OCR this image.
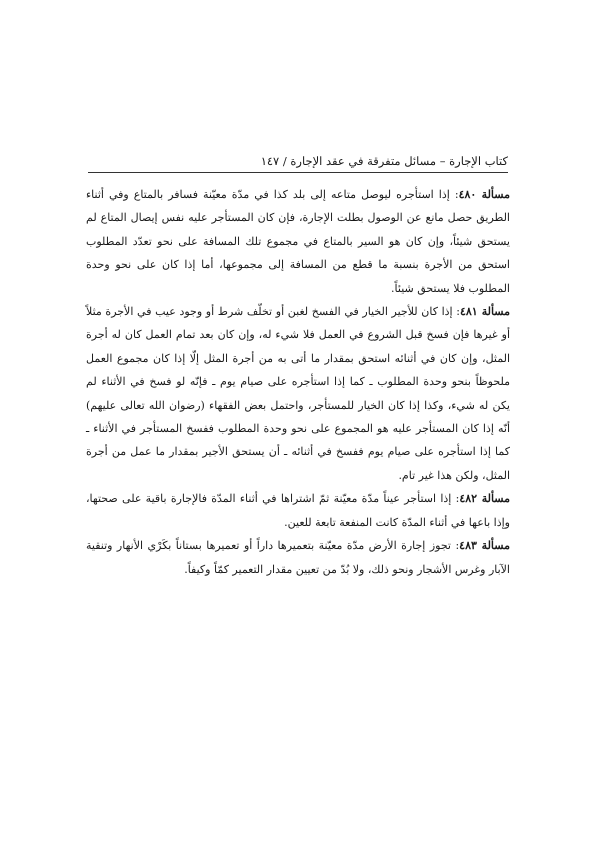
كتاب الإجارة – مسائل متفرقة في عقد الإجارة / ١٤٧

مسألة ٤٨٠: إذا استأجره ليوصل متاعه إلى بلد كذا في مدّة معيّنة فسافر بالمتاع وفي أثناء الطريق حصل مانع عن الوصول بطلت الإجارة، فإن كان المستأجر عليه نفس إيصال المتاع لم يستحق شيئاً، وإن كان هو السير بالمتاع في مجموع تلك المسافة على نحو تعدّد المطلوب استحق من الأجرة بنسبة ما قطع من المسافة إلى مجموعها، أما إذا كان على نحو وحدة المطلوب فلا يستحق شيئاً.

مسألة ٤٨١: إذا كان للأجير الخيار في الفسخ لغبن أو تخلّف شرط أو وجود عيب في الأجرة مثلاً أو غيرها فإن فسخ قبل الشروع في العمل فلا شيء له، وإن كان بعد تمام العمل كان له أجرة المثل، وإن كان في أثنائه استحق بمقدار ما أتى به من أجرة المثل إلّا إذا كان مجموع العمل ملحوظاً بنحو وحدة المطلوب ـ كما إذا استأجره على صيام يوم ـ فإنّه لو فسخ في الأثناء لم يكن له شيء، وكذا إذا كان الخيار للمستأجر، واحتمل بعض الفقهاء (رضوان الله تعالى عليهم) أنّه إذا كان المستأجر عليه هو المجموع على نحو وحدة المطلوب ففسخ المستأجر في الأثناء ـ كما إذا استأجره على صيام يوم ففسخ في أثنائه ـ أن يستحق الأجير بمقدار ما عمل من أجرة المثل، ولكن هذا غير تام.

مسألة ٤٨٢: إذا استأجر عيناً مدّة معيّنة ثمّ اشتراها في أثناء المدّة فالإجارة باقية على صحتها، وإذا باعها في أثناء المدّة كانت المنفعة تابعة للعين.

مسألة ٤٨٣: تجوز إجارة الأرض مدّة معيّنة بتعميرها داراً أو تعميرها بستاناً بكَرْي الأنهار وتنقية الآبار وغرس الأشجار ونحو ذلك، ولا بُدّ من تعيين مقدار التعمير كمّاً وكيفاً.
